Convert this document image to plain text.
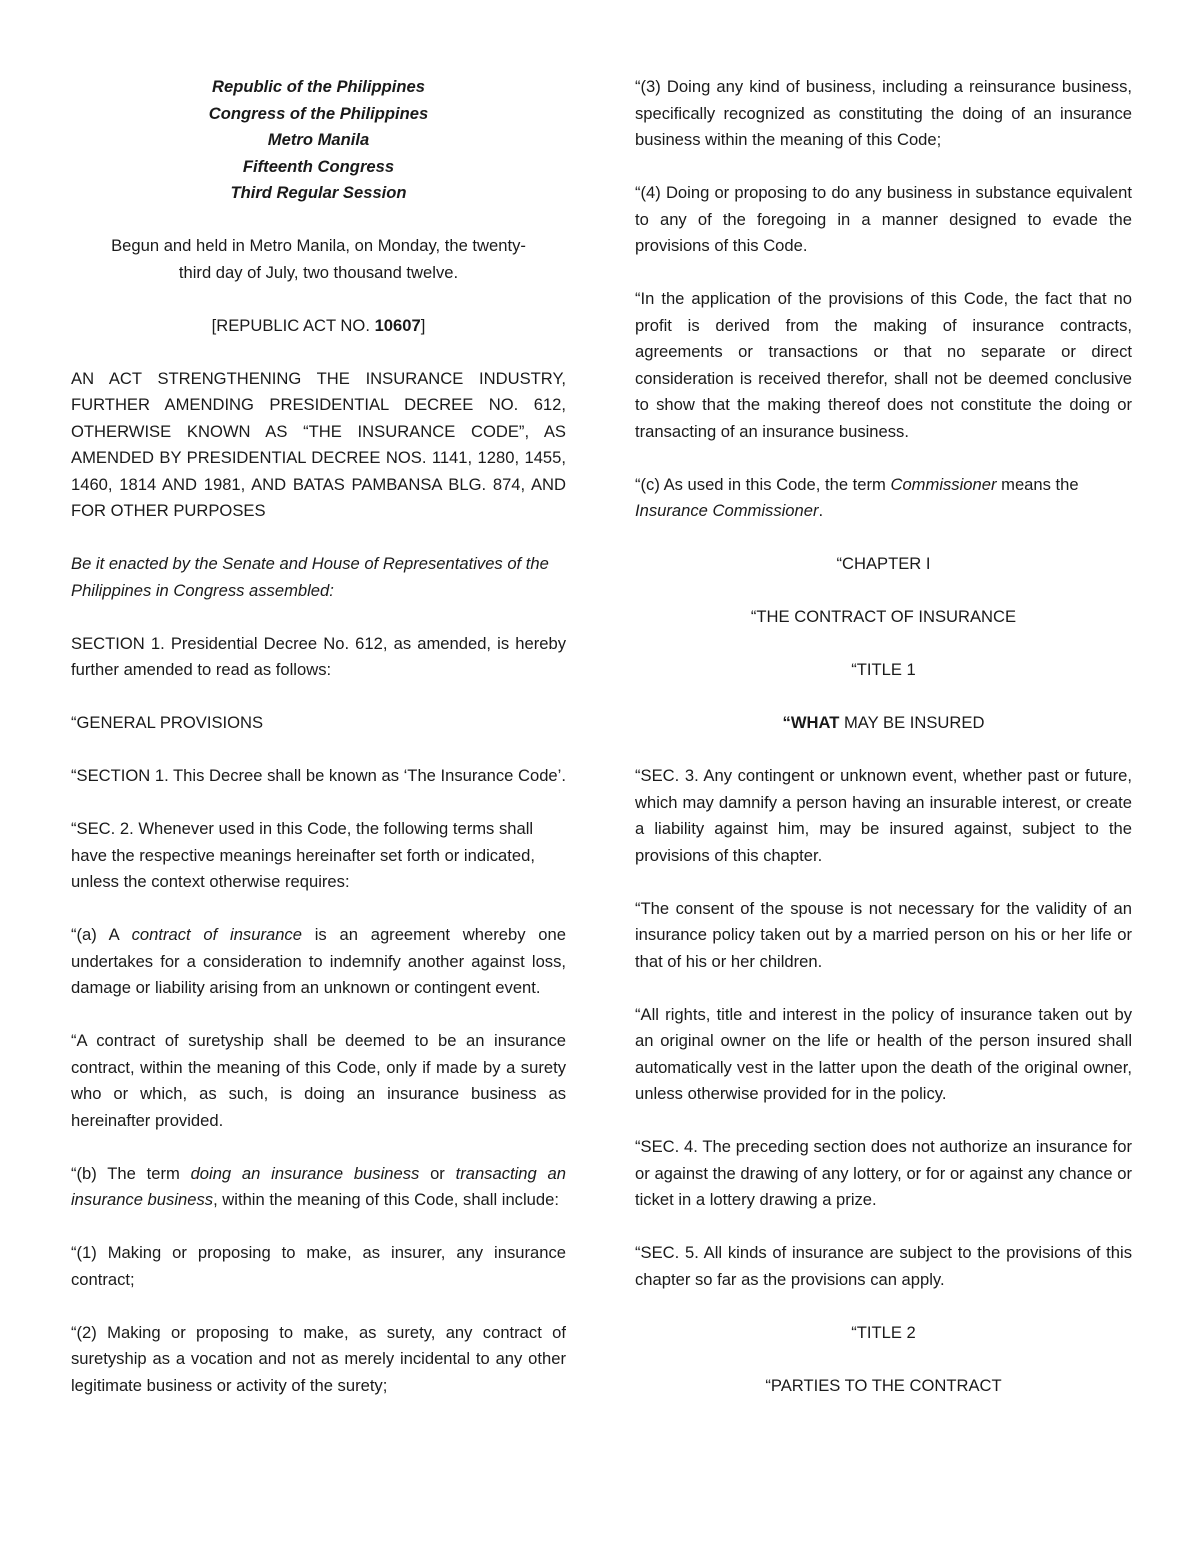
Republic of the Philippines
Congress of the Philippines
Metro Manila
Fifteenth Congress
Third Regular Session

Begun and held in Metro Manila, on Monday, the twenty-third day of July, two thousand twelve.

[REPUBLIC ACT NO. 10607]

AN ACT STRENGTHENING THE INSURANCE INDUSTRY, FURTHER AMENDING PRESIDENTIAL DECREE NO. 612, OTHERWISE KNOWN AS “THE INSURANCE CODE”, AS AMENDED BY PRESIDENTIAL DECREE NOS. 1141, 1280, 1455, 1460, 1814 AND 1981, AND BATAS PAMBANSA BLG. 874, AND FOR OTHER PURPOSES

Be it enacted by the Senate and House of Representatives of the Philippines in Congress assembled:

SECTION 1. Presidential Decree No. 612, as amended, is hereby further amended to read as follows:

“GENERAL PROVISIONS

“SECTION 1. This Decree shall be known as ‘The Insurance Code’.

“SEC. 2. Whenever used in this Code, the following terms shall have the respective meanings hereinafter set forth or indicated, unless the context otherwise requires:

“(a) A contract of insurance is an agreement whereby one undertakes for a consideration to indemnify another against loss, damage or liability arising from an unknown or contingent event.

“A contract of suretyship shall be deemed to be an insurance contract, within the meaning of this Code, only if made by a surety who or which, as such, is doing an insurance business as hereinafter provided.

“(b) The term doing an insurance business or transacting an insurance business, within the meaning of this Code, shall include:

“(1) Making or proposing to make, as insurer, any insurance contract;

“(2) Making or proposing to make, as surety, any contract of suretyship as a vocation and not as merely incidental to any other legitimate business or activity of the surety;

“(3) Doing any kind of business, including a reinsurance business, specifically recognized as constituting the doing of an insurance business within the meaning of this Code;

“(4) Doing or proposing to do any business in substance equivalent to any of the foregoing in a manner designed to evade the provisions of this Code.

“In the application of the provisions of this Code, the fact that no profit is derived from the making of insurance contracts, agreements or transactions or that no separate or direct consideration is received therefor, shall not be deemed conclusive to show that the making thereof does not constitute the doing or transacting of an insurance business.

“(c) As used in this Code, the term Commissioner means the Insurance Commissioner.

“CHAPTER I

“THE CONTRACT OF INSURANCE

“TITLE 1

“WHAT MAY BE INSURED

“SEC. 3. Any contingent or unknown event, whether past or future, which may damnify a person having an insurable interest, or create a liability against him, may be insured against, subject to the provisions of this chapter.

“The consent of the spouse is not necessary for the validity of an insurance policy taken out by a married person on his or her life or that of his or her children.

“All rights, title and interest in the policy of insurance taken out by an original owner on the life or health of the person insured shall automatically vest in the latter upon the death of the original owner, unless otherwise provided for in the policy.

“SEC. 4. The preceding section does not authorize an insurance for or against the drawing of any lottery, or for or against any chance or ticket in a lottery drawing a prize.

“SEC. 5. All kinds of insurance are subject to the provisions of this chapter so far as the provisions can apply.

“TITLE 2

“PARTIES TO THE CONTRACT
